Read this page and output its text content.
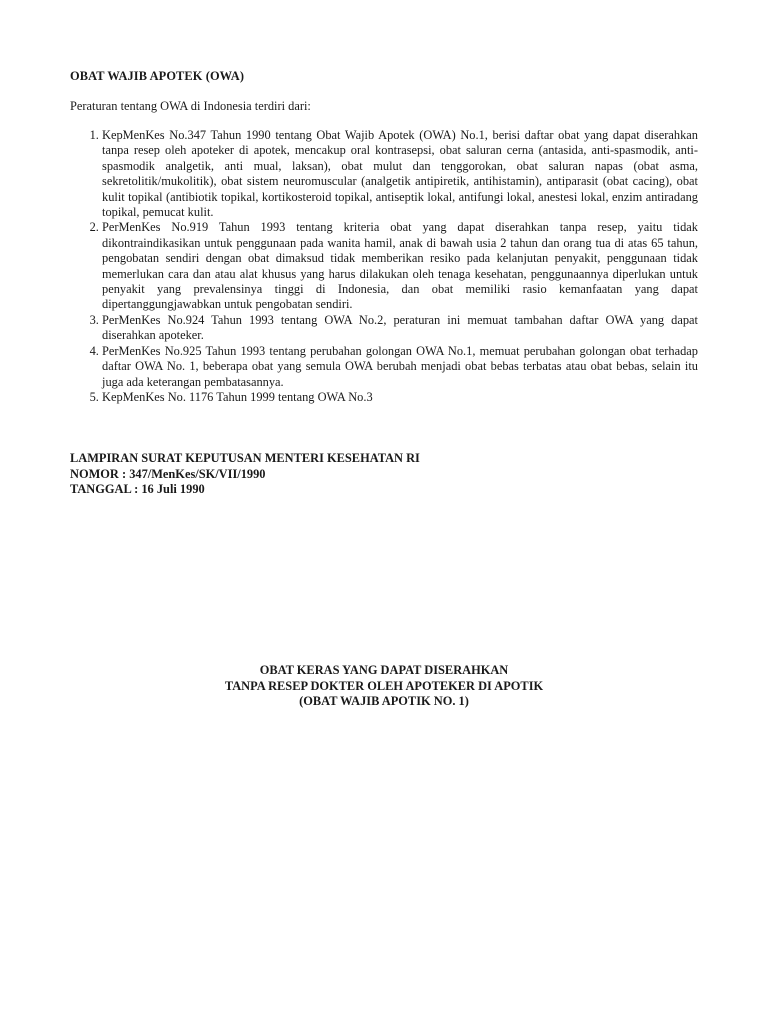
OBAT WAJIB APOTEK (OWA)
Peraturan tentang OWA di Indonesia terdiri dari:
1. KepMenKes No.347 Tahun 1990 tentang Obat Wajib Apotek (OWA) No.1, berisi daftar obat yang dapat diserahkan tanpa resep oleh apoteker di apotek, mencakup oral kontrasepsi, obat saluran cerna (antasida, anti-spasmodik, anti-spasmodik analgetik, anti mual, laksan), obat mulut dan tenggorokan, obat saluran napas (obat asma, sekretolitik/mukolitik), obat sistem neuromuscular (analgetik antipiretik, antihistamin), antiparasit (obat cacing), obat kulit topikal (antibiotik topikal, kortikosteroid topikal, antiseptik lokal, antifungi lokal, anestesi lokal, enzim antiradang topikal, pemucat kulit.
2. PerMenKes No.919 Tahun 1993 tentang kriteria obat yang dapat diserahkan tanpa resep, yaitu tidak dikontraindikasikan untuk penggunaan pada wanita hamil, anak di bawah usia 2 tahun dan orang tua di atas 65 tahun, pengobatan sendiri dengan obat dimaksud tidak memberikan resiko pada kelanjutan penyakit, penggunaan tidak memerlukan cara dan atau alat khusus yang harus dilakukan oleh tenaga kesehatan, penggunaannya diperlukan untuk penyakit yang prevalensinya tinggi di Indonesia, dan obat memiliki rasio kemanfaatan yang dapat dipertanggungjawabkan untuk pengobatan sendiri.
3. PerMenKes No.924 Tahun 1993 tentang OWA No.2, peraturan ini memuat tambahan daftar OWA yang dapat diserahkan apoteker.
4. PerMenKes No.925 Tahun 1993 tentang perubahan golongan OWA No.1, memuat perubahan golongan obat terhadap daftar OWA No. 1, beberapa obat yang semula OWA berubah menjadi obat bebas terbatas atau obat bebas, selain itu juga ada keterangan pembatasannya.
5. KepMenKes No. 1176 Tahun 1999 tentang OWA No.3
LAMPIRAN SURAT KEPUTUSAN MENTERI KESEHATAN RI
NOMOR : 347/MenKes/SK/VII/1990
TANGGAL : 16 Juli 1990
OBAT KERAS YANG DAPAT DISERAHKAN
TANPA RESEP DOKTER OLEH APOTEKER DI APOTIK
(OBAT WAJIB APOTIK NO. 1)
